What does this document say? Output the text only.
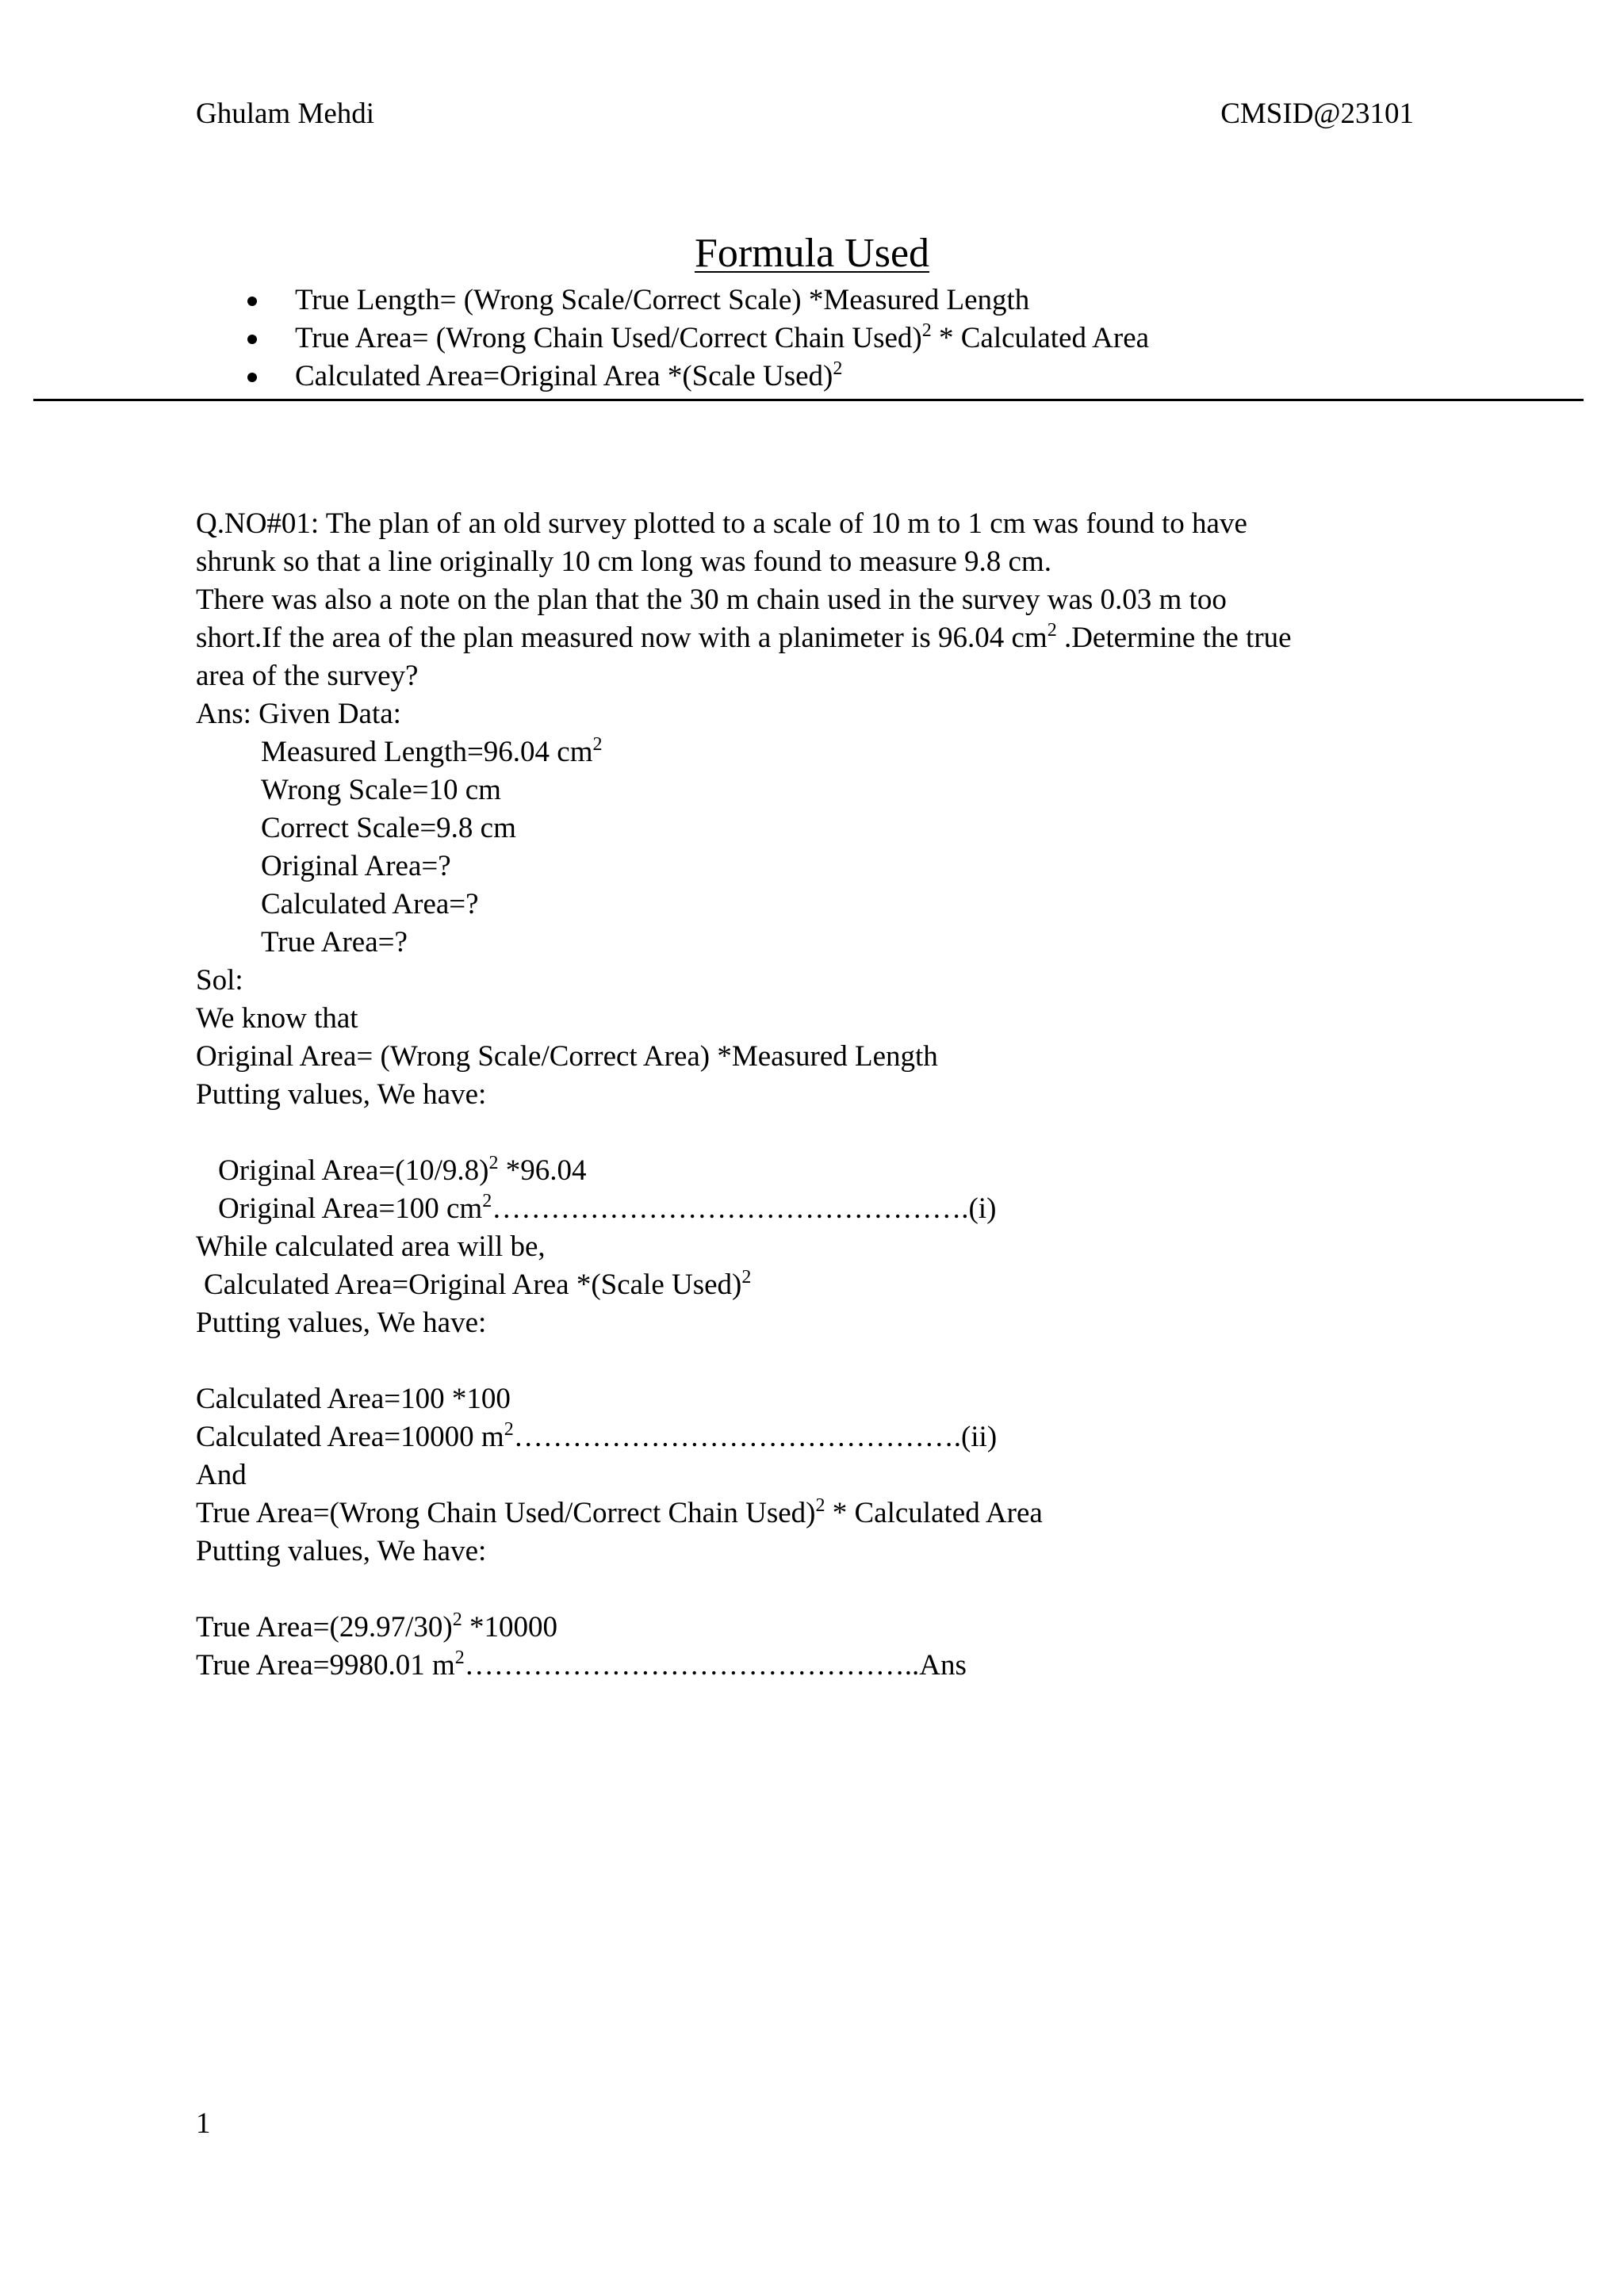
Ghulam Mehdi	CMSID@23101
Formula Used
True Length= (Wrong Scale/Correct Scale) *Measured Length
True Area= (Wrong Chain Used/Correct Chain Used)$^2$ * Calculated Area
Calculated Area=Original Area *(Scale Used)$^2$
Q.NO#01: The plan of an old survey plotted to a scale of 10 m to 1 cm was found to have
shrunk so that a line originally 10 cm long was found to measure 9.8 cm.
There was also a note on the plan that the 30 m chain used in the survey was 0.03 m too
short.If the area of the plan measured now with a planimeter is 96.04 $cm^2$ .Determine the true
area of the survey?
Ans: Given Data:
Measured Length=96.04 $cm^2$
Wrong Scale=10 cm
Correct Scale=9.8 cm
Original Area=?
Calculated Area=?
True Area=?
Sol:
We know that
Original Area= (Wrong Scale/Correct Area) *Measured Length
Putting values, We have:
Original $Area=(10/9.8)^2$ *96.04
Original Area=100 $cm^2\dots\dots\dots\dots\dots\dots\dots\dots\dots\dots\dots\dots\dots\dots\dots\dots.(i)$
While calculated area will be,
Calculated Area=Original Area *(Scale Used)$^2$
Putting values, We have:
Calculated Area=100 *100
Calculated Area=10000 $m^2\dots\dots\dots\dots\dots\dots\dots\dots\dots\dots\dots\dots\dots\dots\dots.(ii)$
And
True Area=(Wrong Chain Used/Correct Chain Used)$^2$ * Calculated Area
Putting values, We have:
True $Area=(29.97/30)^2$ *10000
True Area=9980.01 $m^2\dots\dots\dots\dots\dots\dots\dots\dots\dots\dots\dots\dots\dots\dots\dots..Ans$
1
